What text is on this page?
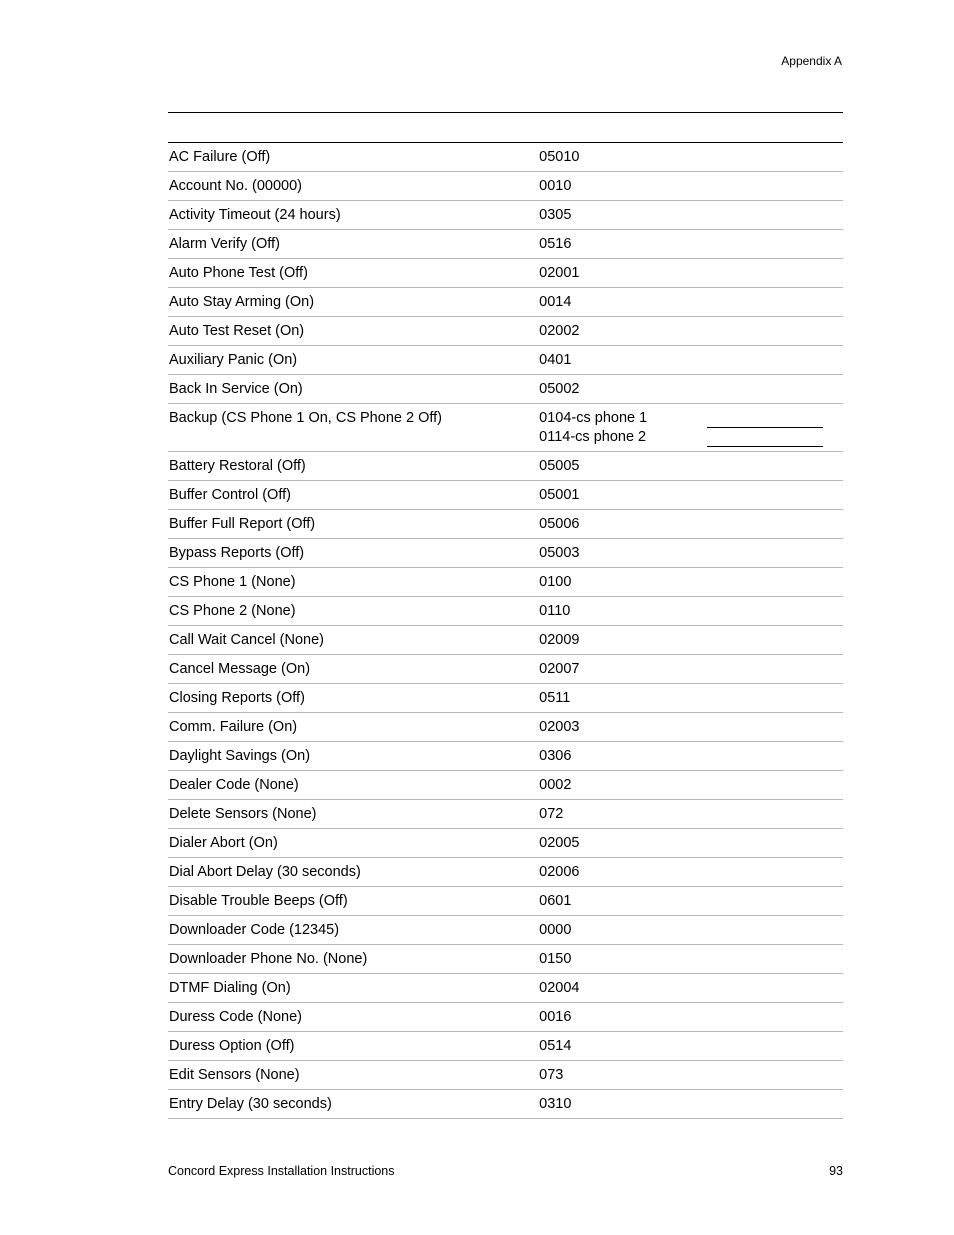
Appendix A
AC Failure (Off)	05010
Account No. (00000)	0010
Activity Timeout (24 hours)	0305
Alarm Verify (Off)	0516
Auto Phone Test (Off)	02001
Auto Stay Arming (On)	0014
Auto Test Reset (On)	02002
Auxiliary Panic (On)	0401
Back In Service (On)	05002
Backup (CS Phone 1 On, CS Phone 2 Off)	0104-cs phone 1
0114-cs phone 2

Battery Restoral (Off)	05005
Buffer Control (Off)	05001
Buffer Full Report (Off)	05006
Bypass Reports (Off)	05003
CS Phone 1 (None)	0100
CS Phone 2 (None)	0110
Call Wait Cancel (None)	02009
Cancel Message (On)	02007
Closing Reports (Off)	0511
Comm. Failure (On)	02003
Daylight Savings (On)	0306
Dealer Code (None)	0002
Delete Sensors (None)	072
Dialer Abort (On)	02005
Dial Abort Delay (30 seconds)	02006
Disable Trouble Beeps (Off)	0601
Downloader Code (12345)	0000
Downloader Phone No. (None)	0150
DTMF Dialing (On)	02004
Duress Code (None)	0016
Duress Option (Off)	0514
Edit Sensors (None)	073
Entry Delay (30 seconds)	0310
Concord Express Installation Instructions	93
